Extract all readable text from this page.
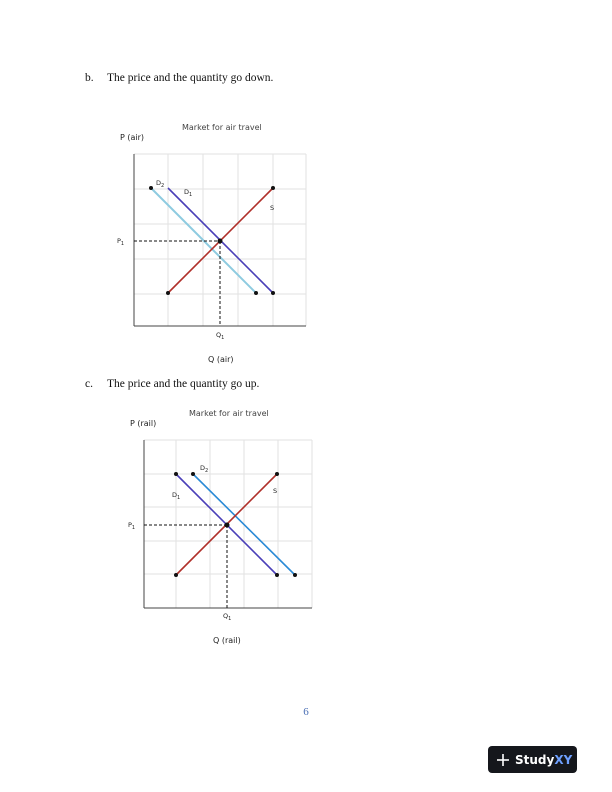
b. The price and the quantity go down.
Market for air travel
P (air)
$D_2$
$D_1$
S
$P_1$
$Q_1$
Q (air)
c. The price and the quantity go up.
Market for air travel
P (rail)
$D_2$
$D_1$
S
$P_1$
$Q_1$
Q (rail)
6
StudyXY
